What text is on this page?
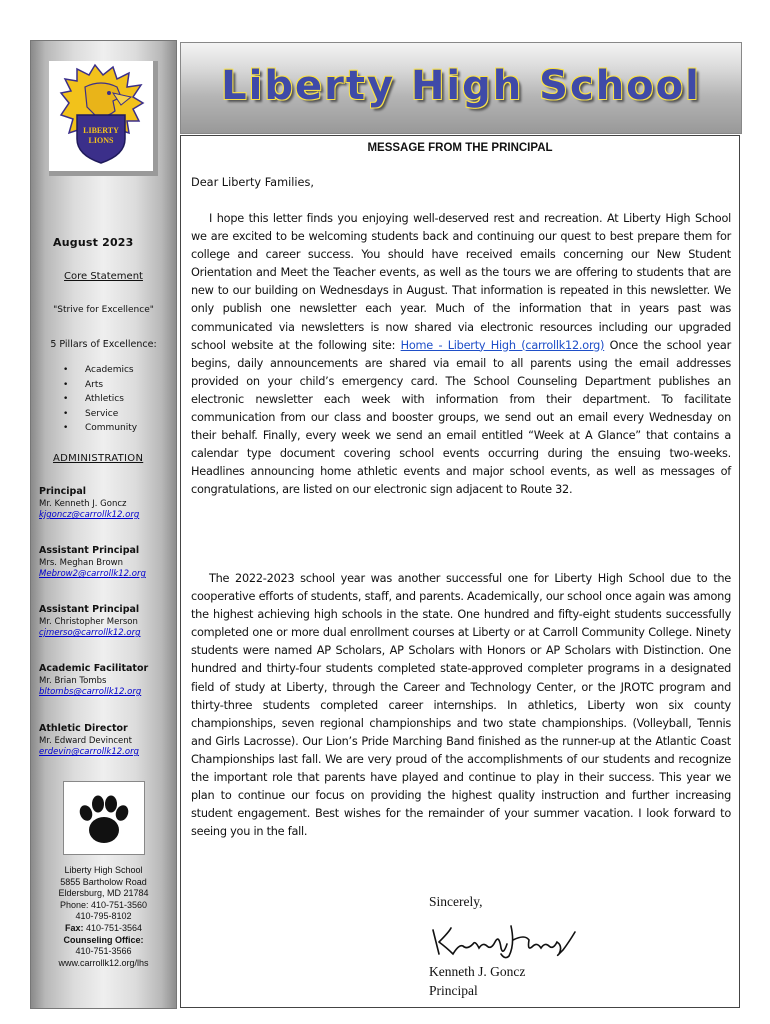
LIBERTY
LIONS
August 2023
Core Statement
"Strive for Excellence"
5 Pillars of Excellence:
• Academics
• Arts
• Athletics
• Service
• Community
ADMINISTRATION
Principal
Mr. Kenneth J. Goncz
kjgoncz@carrollk12.org
Assistant Principal
Mrs. Meghan Brown
Mebrow2@carrollk12.org
Assistant Principal
Mr. Christopher Merson
cjmerso@carrollk12.org
Academic Facilitator
Mr. Brian Tombs
bltombs@carrollk12.org
Athletic Director
Mr. Edward Devincent
erdevin@carrollk12.org
Liberty High School
5855 Bartholow Road
Eldersburg, MD 21784
Phone: 410-751-3560
410-795-8102
Fax: 410-751-3564
Counseling Office:
410-751-3566
www.carrollk12.org/lhs
Liberty High School
MESSAGE FROM THE PRINCIPAL

Dear Liberty Families,

I hope this letter finds you enjoying well-deserved rest and recreation. At Liberty High School we are excited to be welcoming students back and continuing our quest to best prepare them for college and career success. You should have received emails concerning our New Student Orientation and Meet the Teacher events, as well as the tours we are offering to students that are new to our building on Wednesdays in August. That information is repeated in this newsletter. We only publish one newsletter each year. Much of the information that in years past was communicated via newsletters is now shared via electronic resources including our upgraded school website at the following site: Home - Liberty High (carrollk12.org) Once the school year begins, daily announcements are shared via email to all parents using the email addresses provided on your child’s emergency card. The School Counseling Department publishes an electronic newsletter each week with information from their department. To facilitate communication from our class and booster groups, we send out an email every Wednesday on their behalf. Finally, every week we send an email entitled “Week at A Glance” that contains a calendar type document covering school events occurring during the ensuing two-weeks. Headlines announcing home athletic events and major school events, as well as messages of congratulations, are listed on our electronic sign adjacent to Route 32.

The 2022-2023 school year was another successful one for Liberty High School due to the cooperative efforts of students, staff, and parents. Academically, our school once again was among the highest achieving high schools in the state. One hundred and fifty-eight students successfully completed one or more dual enrollment courses at Liberty or at Carroll Community College. Ninety students were named AP Scholars, AP Scholars with Honors or AP Scholars with Distinction. One hundred and thirty-four students completed state-approved completer programs in a designated field of study at Liberty, through the Career and Technology Center, or the JROTC program and thirty-three students completed career internships. In athletics, Liberty won six county championships, seven regional championships and two state championships. (Volleyball, Tennis and Girls Lacrosse). Our Lion’s Pride Marching Band finished as the runner-up at the Atlantic Coast Championships last fall. We are very proud of the accomplishments of our students and recognize the important role that parents have played and continue to play in their success. This year we plan to continue our focus on providing the highest quality instruction and further increasing student engagement. Best wishes for the remainder of your summer vacation. I look forward to seeing you in the fall.

Sincerely,
Kenneth J. Goncz
Principal
